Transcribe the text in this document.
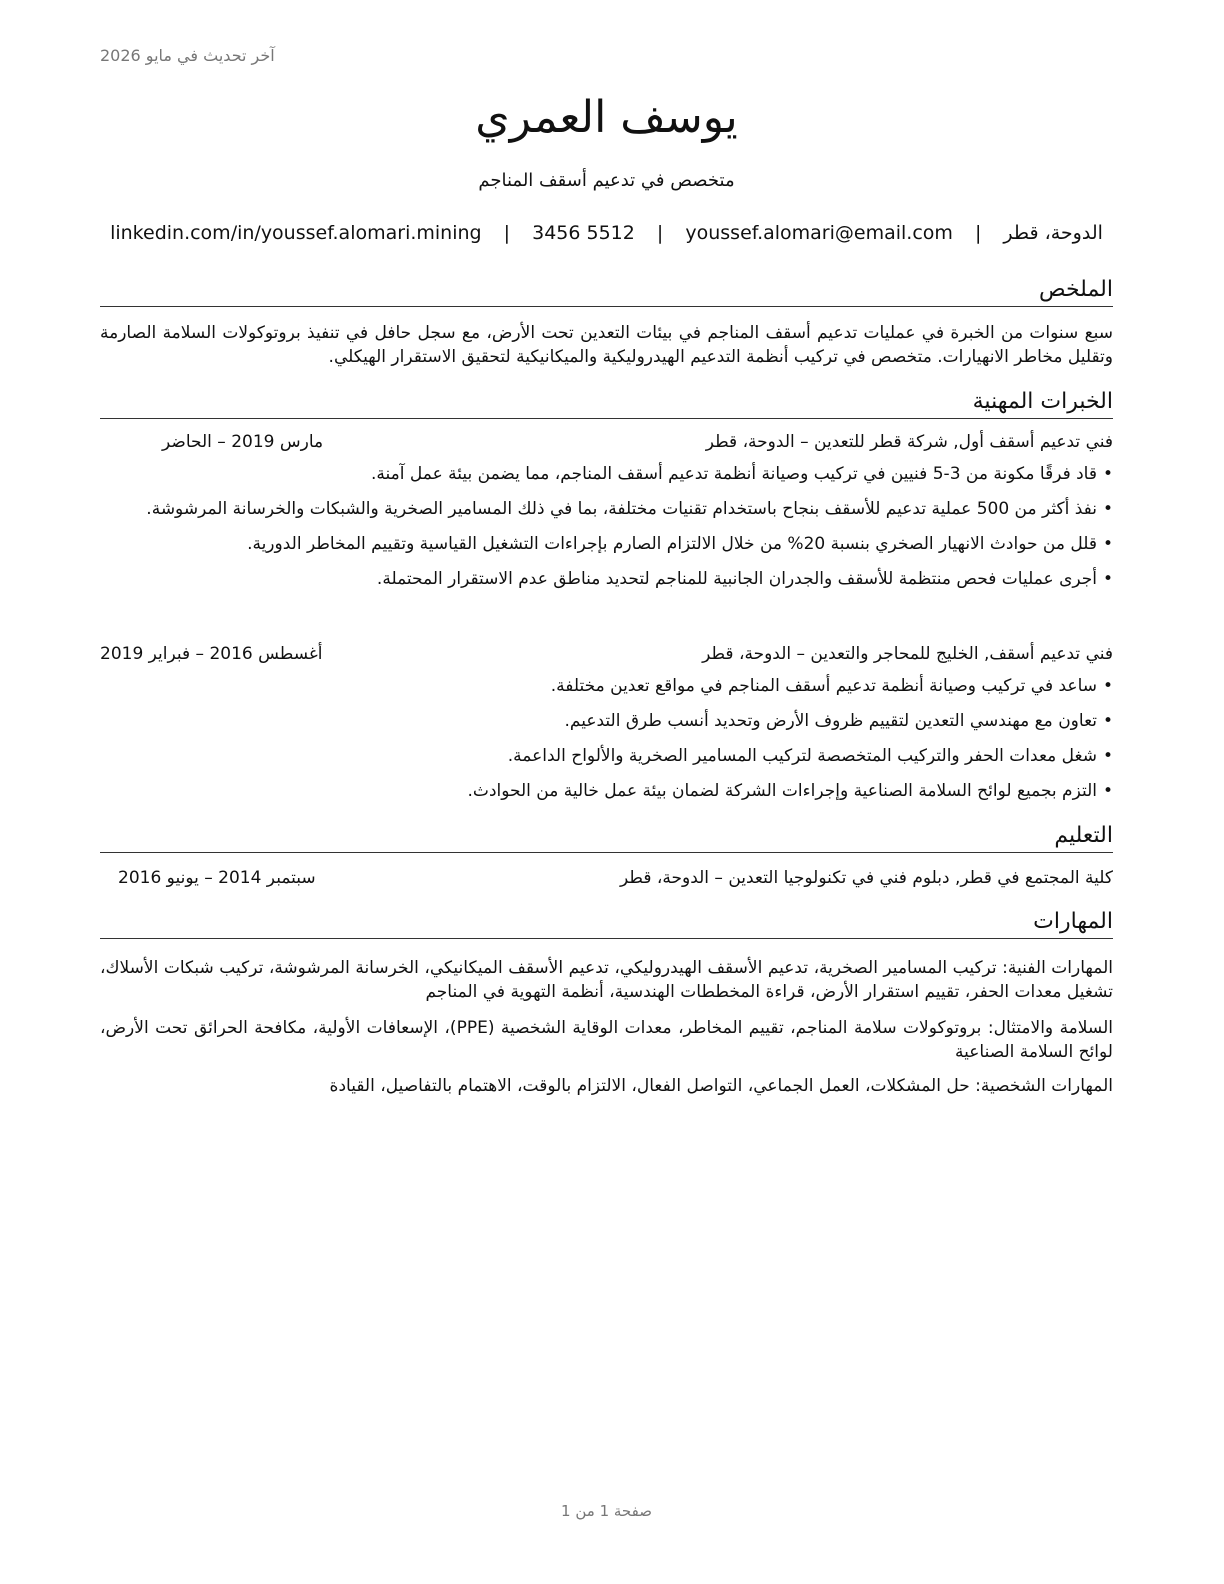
آخر تحديث في مايو 2026
يوسف العمري
متخصص في تدعيم أسقف المناجم
الدوحة، قطر | youssef.alomari@email.com | 3456 5512 | linkedin.com/in/youssef.alomari.mining
الملخص
سبع سنوات من الخبرة في عمليات تدعيم أسقف المناجم في بيئات التعدين تحت الأرض، مع سجل حافل في تنفيذ بروتوكولات السلامة الصارمة وتقليل مخاطر الانهيارات. متخصص في تركيب أنظمة التدعيم الهيدروليكية والميكانيكية لتحقيق الاستقرار الهيكلي.
الخبرات المهنية
فني تدعيم أسقف أول, شركة قطر للتعدين – الدوحة، قطر
مارس 2019 – الحاضر
• قاد فرقًا مكونة من 3-5 فنيين في تركيب وصيانة أنظمة تدعيم أسقف المناجم، مما يضمن بيئة عمل آمنة.
• نفذ أكثر من 500 عملية تدعيم للأسقف بنجاح باستخدام تقنيات مختلفة، بما في ذلك المسامير الصخرية والشبكات والخرسانة المرشوشة.
• قلل من حوادث الانهيار الصخري بنسبة 20% من خلال الالتزام الصارم بإجراءات التشغيل القياسية وتقييم المخاطر الدورية.
• أجرى عمليات فحص منتظمة للأسقف والجدران الجانبية للمناجم لتحديد مناطق عدم الاستقرار المحتملة.
فني تدعيم أسقف, الخليج للمحاجر والتعدين – الدوحة، قطر
أغسطس 2016 – فبراير 2019
• ساعد في تركيب وصيانة أنظمة تدعيم أسقف المناجم في مواقع تعدين مختلفة.
• تعاون مع مهندسي التعدين لتقييم ظروف الأرض وتحديد أنسب طرق التدعيم.
• شغل معدات الحفر والتركيب المتخصصة لتركيب المسامير الصخرية والألواح الداعمة.
• التزم بجميع لوائح السلامة الصناعية وإجراءات الشركة لضمان بيئة عمل خالية من الحوادث.
التعليم
كلية المجتمع في قطر, دبلوم فني في تكنولوجيا التعدين – الدوحة، قطر
سبتمبر 2014 – يونيو 2016
المهارات
المهارات الفنية: تركيب المسامير الصخرية، تدعيم الأسقف الهيدروليكي، تدعيم الأسقف الميكانيكي، الخرسانة المرشوشة، تركيب شبكات الأسلاك، تشغيل معدات الحفر، تقييم استقرار الأرض، قراءة المخططات الهندسية، أنظمة التهوية في المناجم
السلامة والامتثال: بروتوكولات سلامة المناجم، تقييم المخاطر، معدات الوقاية الشخصية (PPE)، الإسعافات الأولية، مكافحة الحرائق تحت الأرض، لوائح السلامة الصناعية
المهارات الشخصية: حل المشكلات، العمل الجماعي، التواصل الفعال، الالتزام بالوقت، الاهتمام بالتفاصيل، القيادة
صفحة 1 من 1
